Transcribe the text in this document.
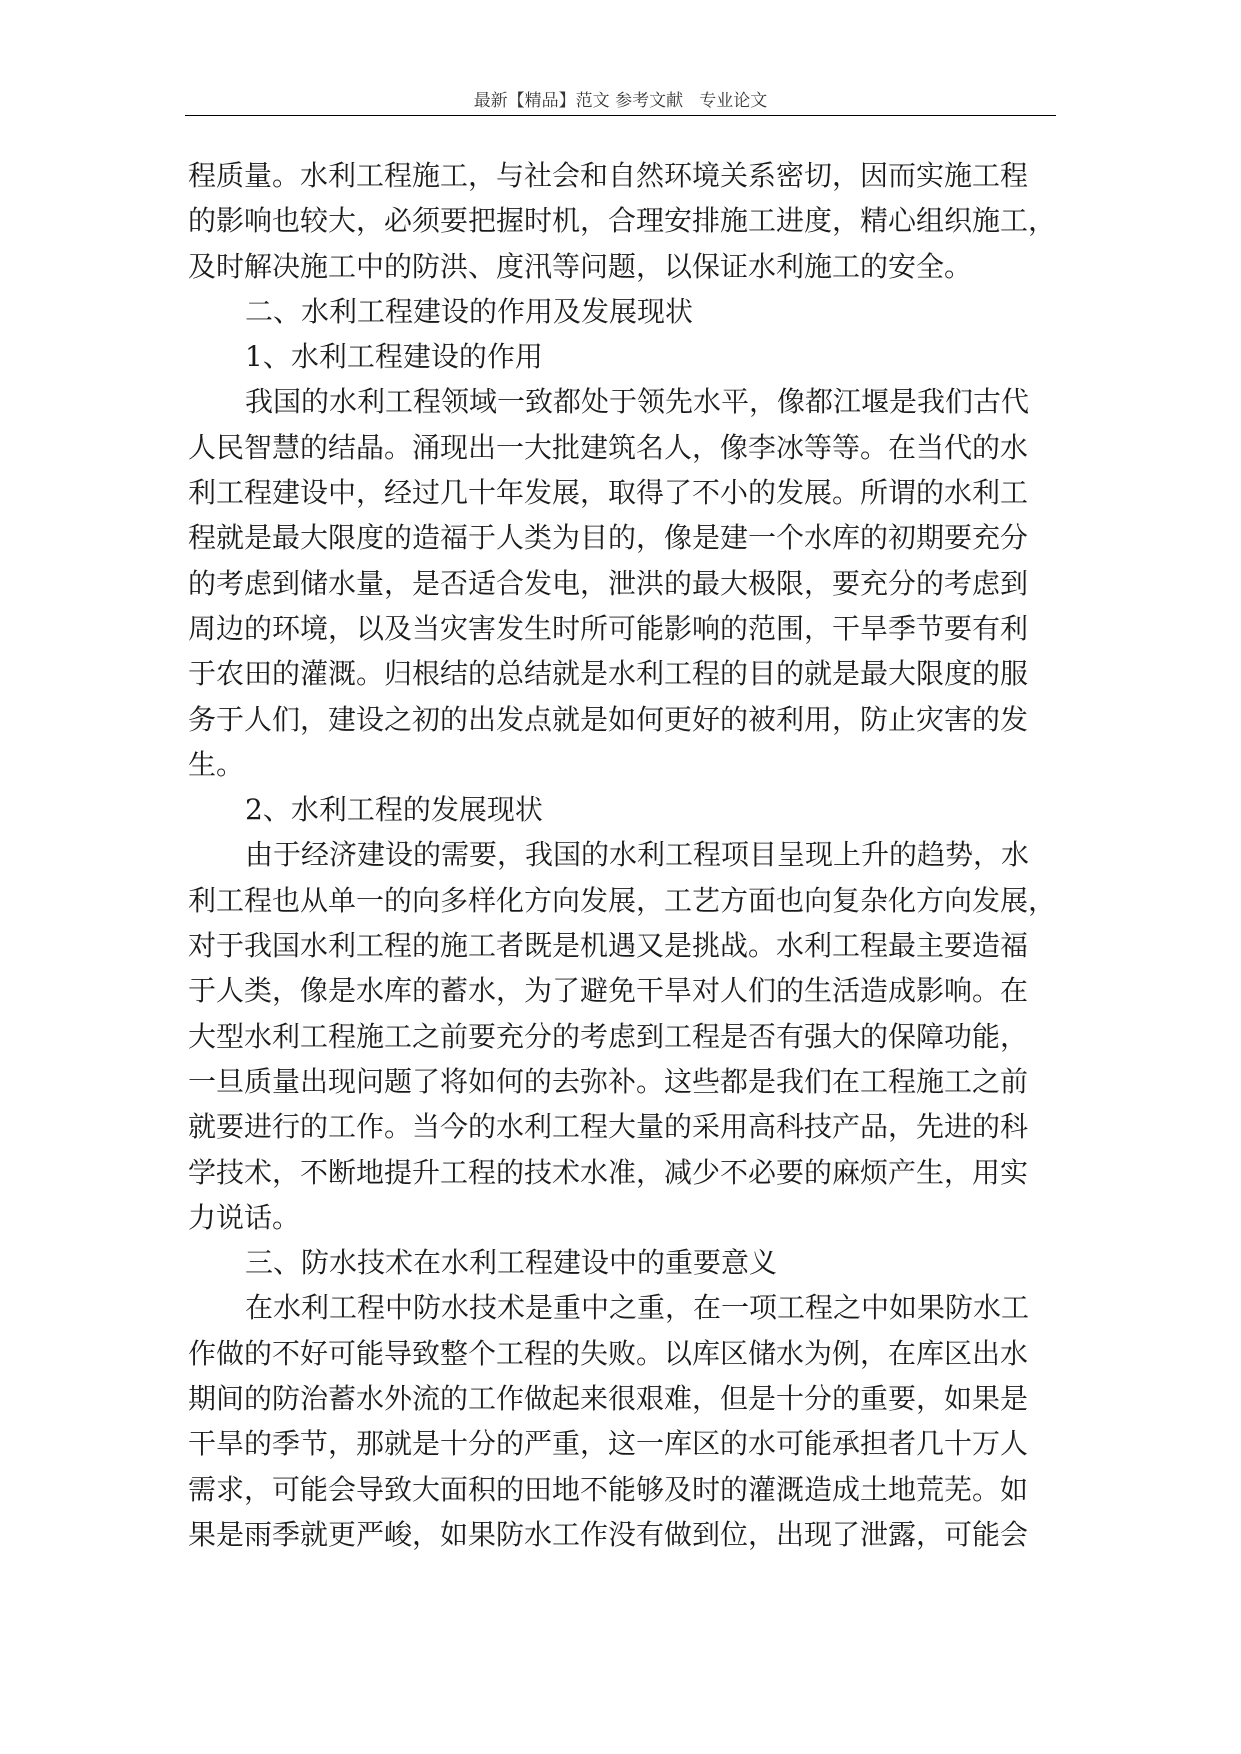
最新【精品】范文 参考文献   专业论文
程质量。水利工程施工，与社会和自然环境关系密切，因而实施工程
的影响也较大，必须要把握时机，合理安排施工进度，精心组织施工，
及时解决施工中的防洪、度汛等问题，以保证水利施工的安全。
二、水利工程建设的作用及发展现状
1、水利工程建设的作用
我国的水利工程领域一致都处于领先水平，像都江堰是我们古代
人民智慧的结晶。涌现出一大批建筑名人，像李冰等等。在当代的水
利工程建设中，经过几十年发展，取得了不小的发展。所谓的水利工
程就是最大限度的造福于人类为目的，像是建一个水库的初期要充分
的考虑到储水量，是否适合发电，泄洪的最大极限，要充分的考虑到
周边的环境，以及当灾害发生时所可能影响的范围，干旱季节要有利
于农田的灌溉。归根结的总结就是水利工程的目的就是最大限度的服
务于人们，建设之初的出发点就是如何更好的被利用，防止灾害的发
生。
2、水利工程的发展现状
由于经济建设的需要，我国的水利工程项目呈现上升的趋势，水
利工程也从单一的向多样化方向发展，工艺方面也向复杂化方向发展，
对于我国水利工程的施工者既是机遇又是挑战。水利工程最主要造福
于人类，像是水库的蓄水，为了避免干旱对人们的生活造成影响。在
大型水利工程施工之前要充分的考虑到工程是否有强大的保障功能，
一旦质量出现问题了将如何的去弥补。这些都是我们在工程施工之前
就要进行的工作。当今的水利工程大量的采用高科技产品，先进的科
学技术，不断地提升工程的技术水准，减少不必要的麻烦产生，用实
力说话。
三、防水技术在水利工程建设中的重要意义
在水利工程中防水技术是重中之重，在一项工程之中如果防水工
作做的不好可能导致整个工程的失败。以库区储水为例，在库区出水
期间的防治蓄水外流的工作做起来很艰难，但是十分的重要，如果是
干旱的季节，那就是十分的严重，这一库区的水可能承担者几十万人
需求，可能会导致大面积的田地不能够及时的灌溉造成土地荒芜。如
果是雨季就更严峻，如果防水工作没有做到位，出现了泄露，可能会
